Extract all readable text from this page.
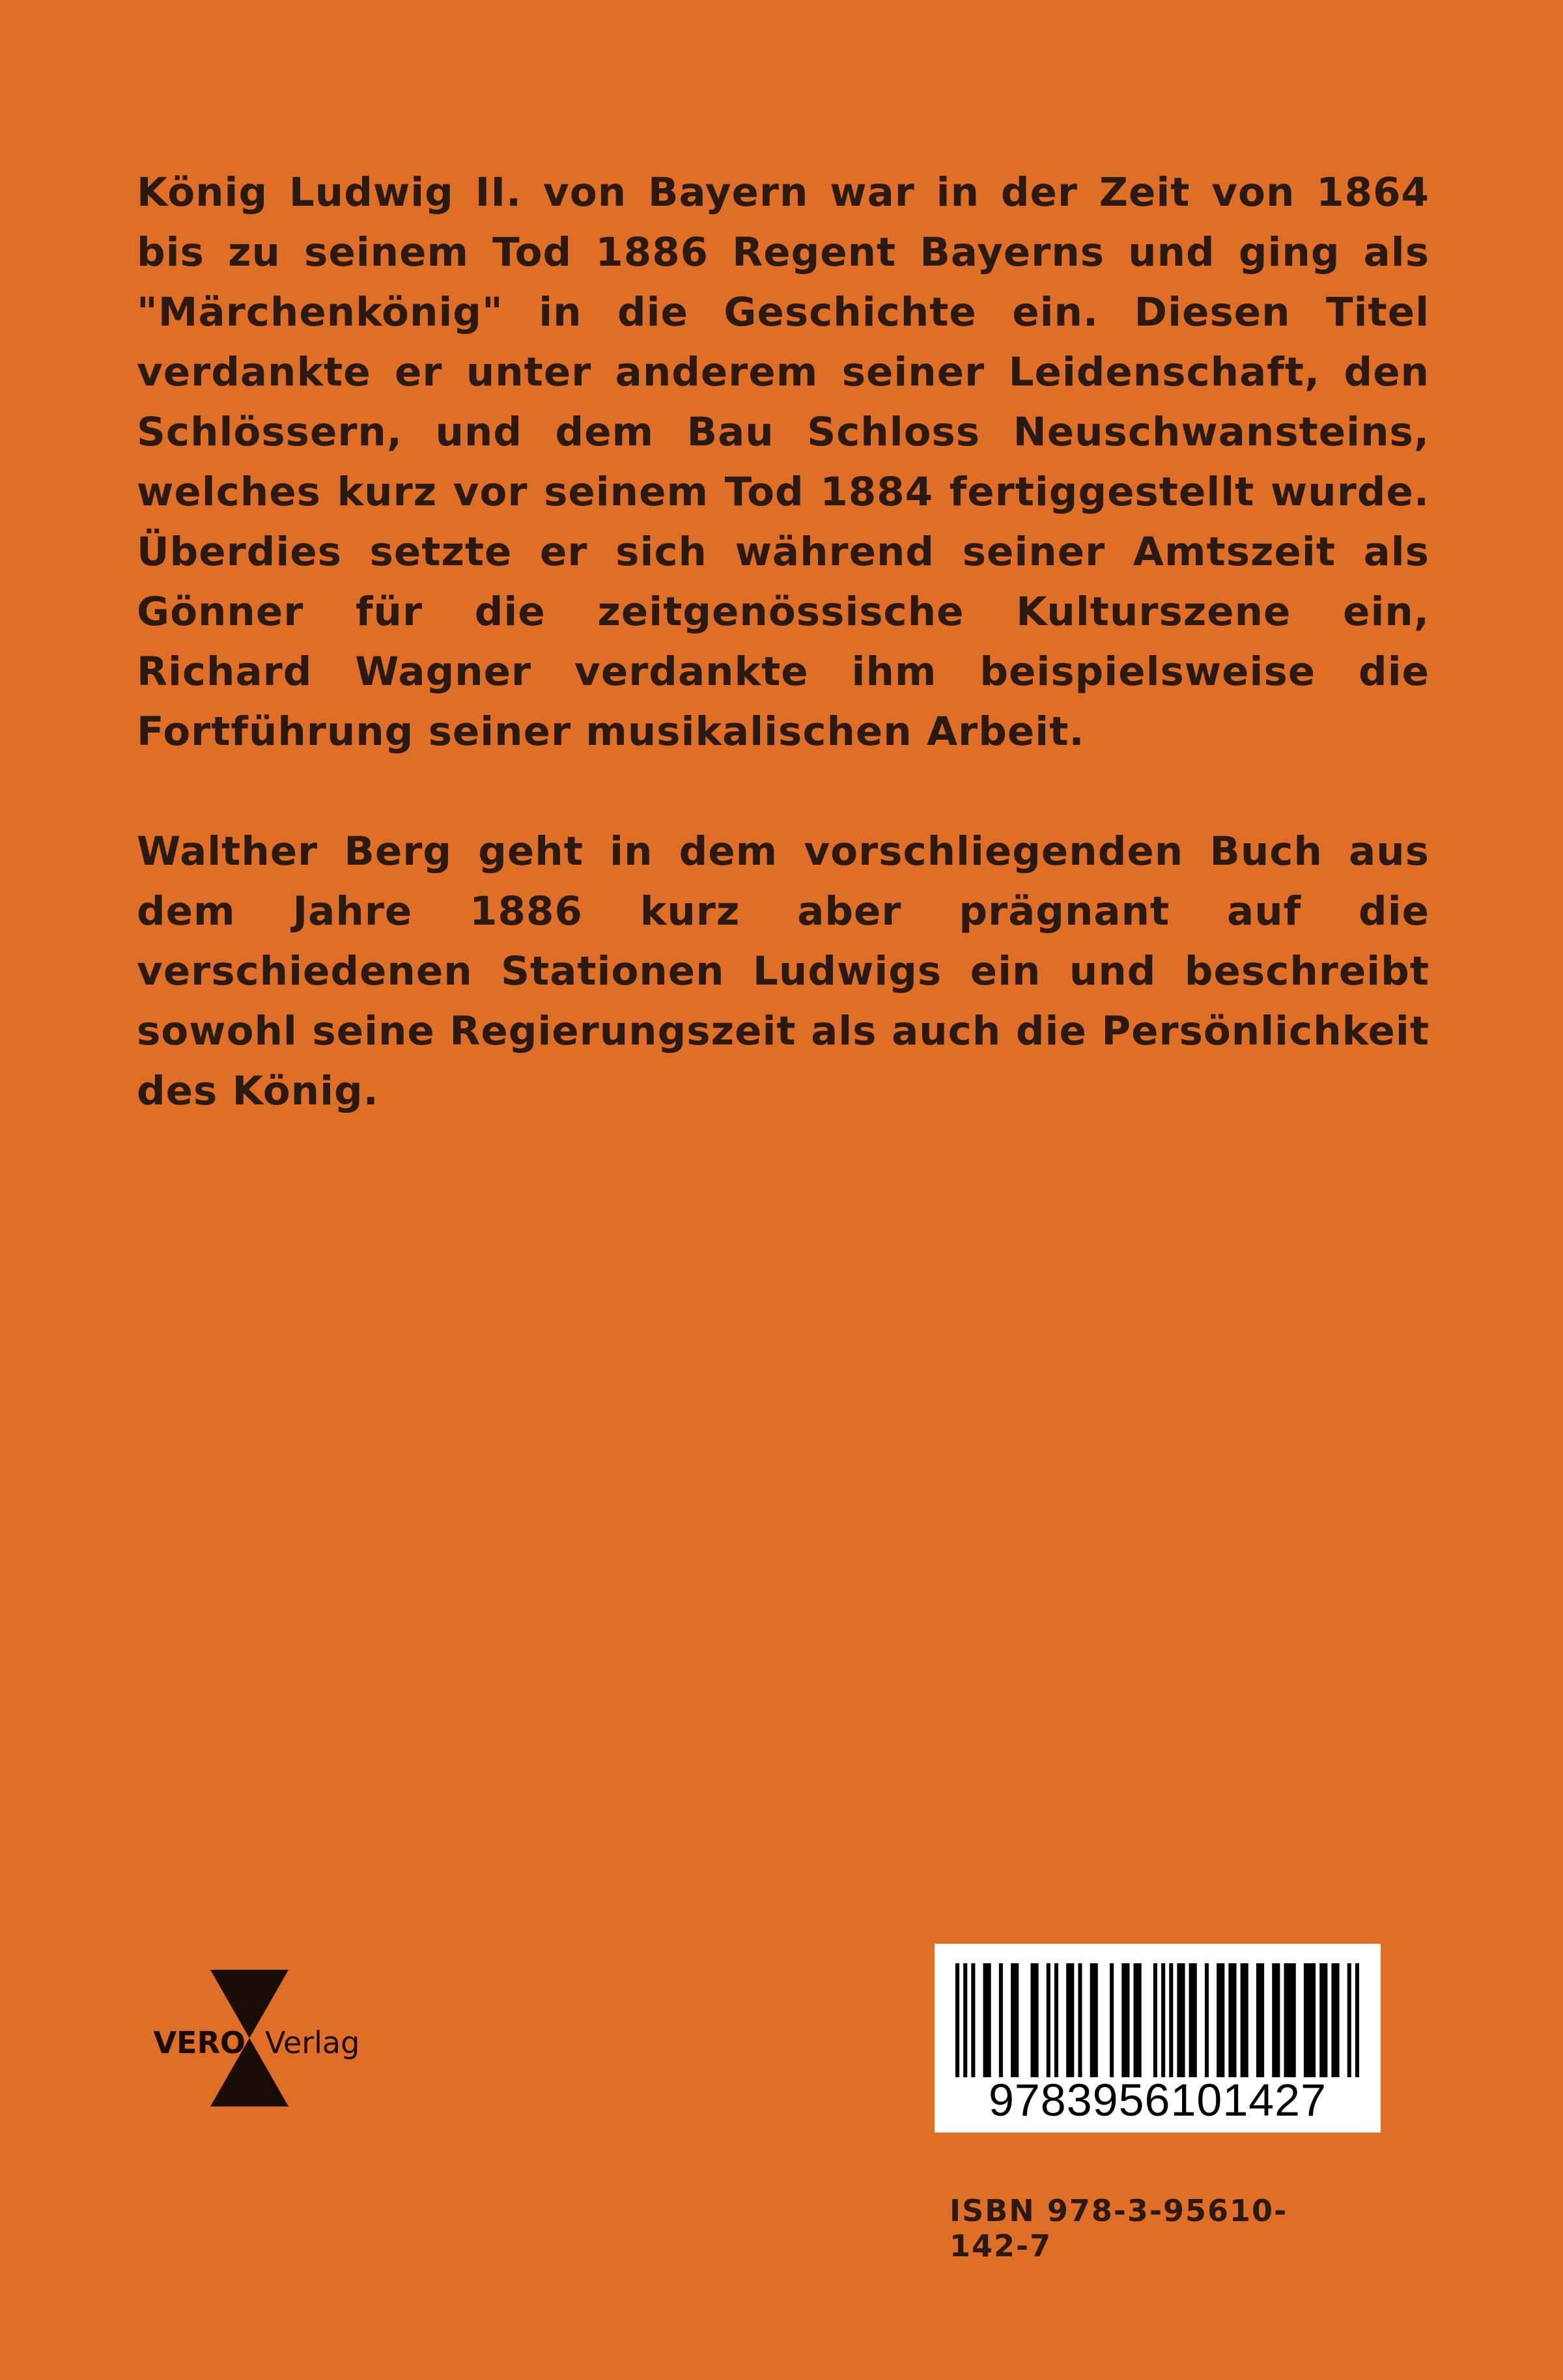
König Ludwig II. von Bayern war in der Zeit von 1864 bis zu seinem Tod 1886 Regent Bayerns und ging als "Märchenkönig" in die Geschichte ein. Diesen Titel verdankte er unter anderem seiner Leidenschaft, den Schlössern, und dem Bau Schloss Neuschwansteins, welches kurz vor seinem Tod 1884 fertiggestellt wurde. Überdies setzte er sich während seiner Amtszeit als Gönner für die zeitgenössische Kulturszene ein, Richard Wagner verdankte ihm beispielsweise die Fortführung seiner musikalischen Arbeit.

Walther Berg geht in dem vorschliegenden Buch aus dem Jahre 1886 kurz aber prägnant auf die verschiedenen Stationen Ludwigs ein und beschreibt sowohl seine Regierungszeit als auch die Persönlichkeit des König.

VERO Verlag
9783956101427
ISBN 978-3-95610-142-7
